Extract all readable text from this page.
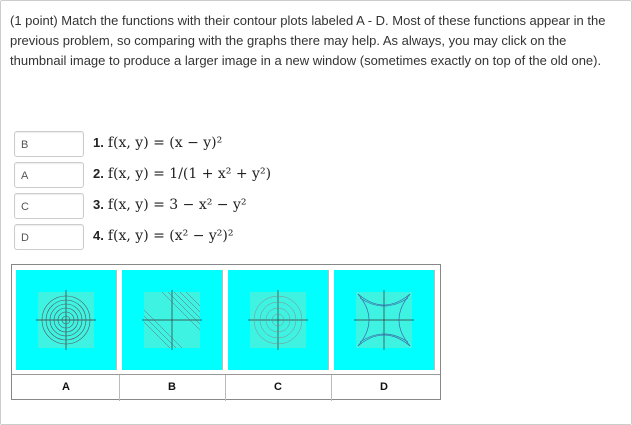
(1 point) Match the functions with their contour plots labeled A - D. Most of these functions appear in the previous problem, so comparing with the graphs there may help. As always, you may click on the thumbnail image to produce a larger image in a new window (sometimes exactly on top of the old one).
B	1. f(x, y) = (x − y)²
A	2. f(x, y) = 1/(1 + x² + y²)
C	3. f(x, y) = 3 − x² − y²
D	4. f(x, y) = (x² − y²)²
A	B	C	D
